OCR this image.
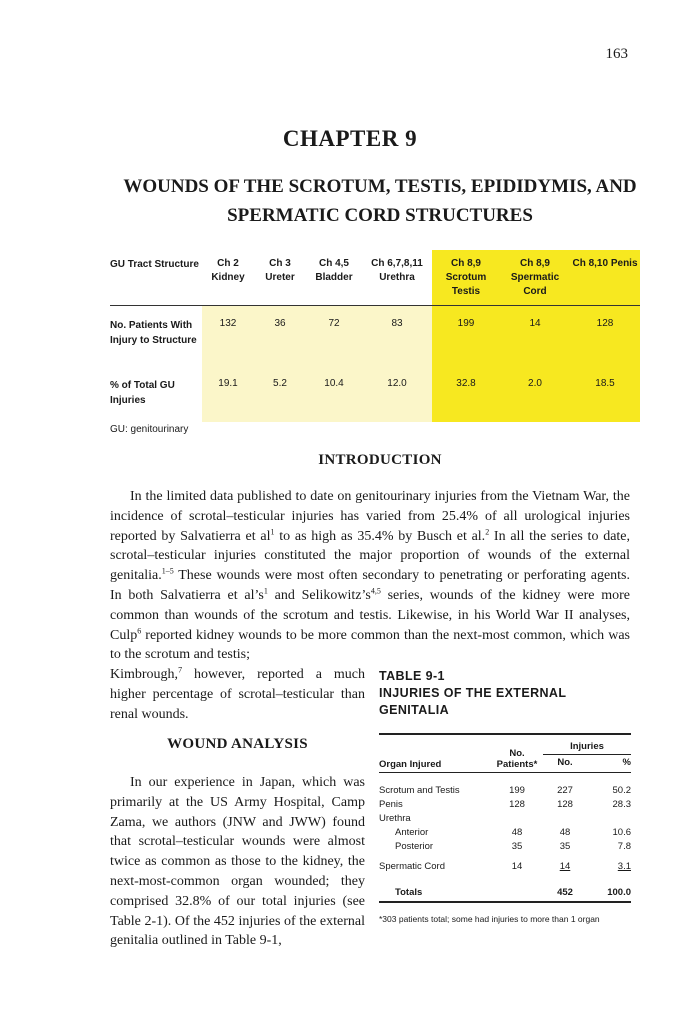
163
CHAPTER 9
WOUNDS OF THE SCROTUM, TESTIS, EPIDIDYMIS, AND SPERMATIC CORD STRUCTURES
GU Tract Structure	Ch 2 Kidney	Ch 3 Ureter	Ch 4,5 Bladder	Ch 6,7,8,11 Urethra	Ch 8,9 Scrotum Testis	Ch 8,9 Spermatic Cord	Ch 8,10 Penis
No. Patients With Injury to Structure	132	36	72	83	199	14	128
% of Total GU Injuries	19.1	5.2	10.4	12.0	32.8	2.0	18.5
GU: genitourinary
INTRODUCTION

In the limited data published to date on genitourinary injuries from the Vietnam War, the incidence of scrotal–testicular injuries has varied from 25.4% of all urological injuries reported by Salvatierra et $al^1$ to as high as 35.4% by Busch et al.$^2$ In all the series to date, scrotal–testicular injuries constituted the major proportion of wounds of the external genitalia.$^{1-5}$ These wounds were most often secondary to penetrating or perforating agents. In both Salvatierra et $al’s^1$ and $Selikowitz’s^{4,5}$ series, wounds of the kidney were more common than wounds of the scrotum and testis. Likewise, in his World War II analyses, Culp$^6$ reported kidney wounds to be more common than the next-most common, which was to the scrotum and testis;

Kimbrough,$^7$ however, reported a much higher percentage of scrotal–testicular than renal wounds.

WOUND ANALYSIS

In our experience in Japan, which was primarily at the US Army Hospital, Camp Zama, we authors (JNW and JWW) found that scrotal–testicular wounds were almost twice as common as those to the kidney, the next-most-common organ wounded; they comprised 32.8% of our total injuries (see Table 2-1). Of the 452 injuries of the external genitalia outlined in Table 9-1,

TABLE 9-1
INJURIES OF THE EXTERNAL GENITALIA
Organ Injured	No. Patients*	Injuries	
		No.	%

Scrotum and Testis	199	227	50.2
Penis	128	128	28.3
Urethra			
Anterior	48	48	10.6
Posterior	35	35	7.8
Spermatic Cord	14	14	3.1
Totals		452	100.0
*303 patients total; some had injuries to more than 1 organ
